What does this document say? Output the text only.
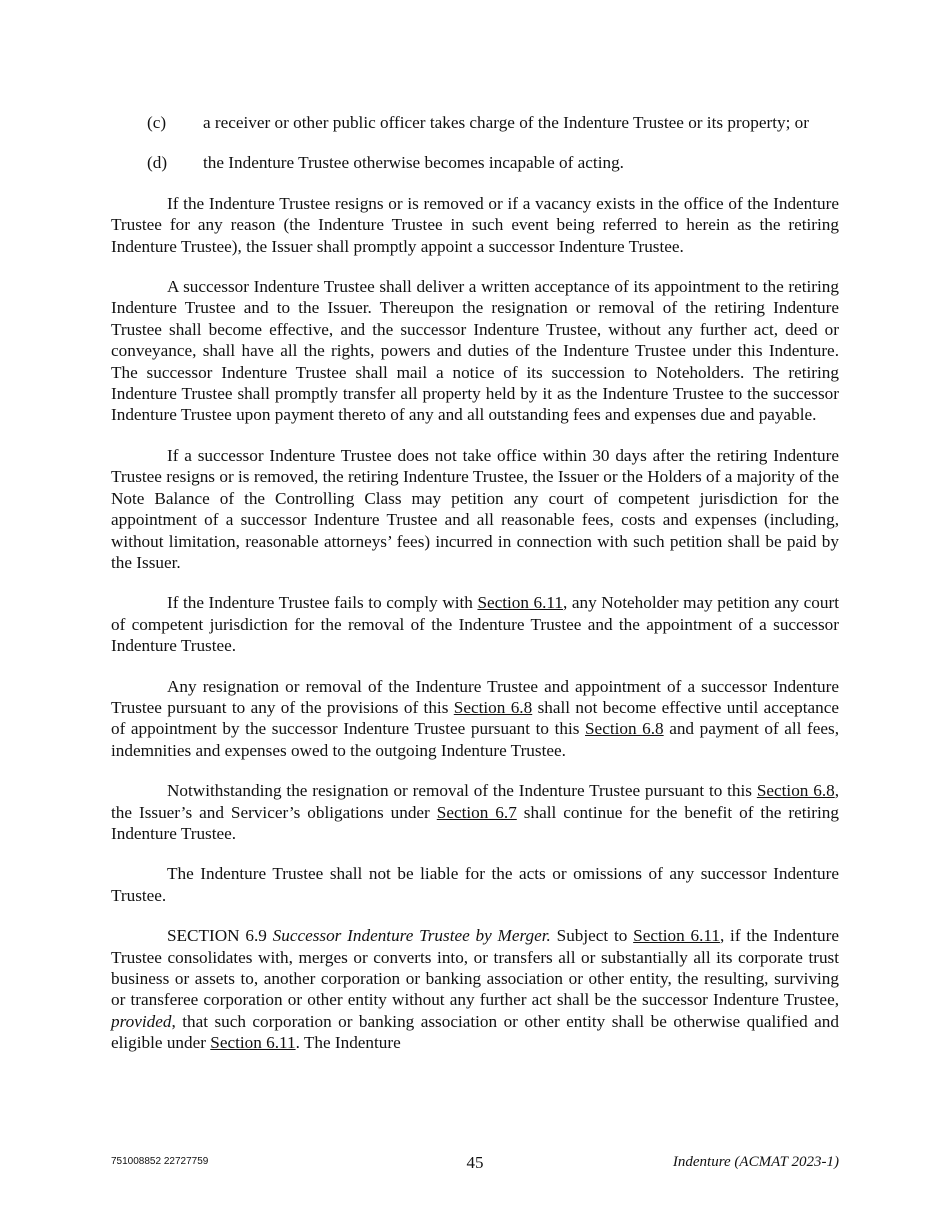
(c) a receiver or other public officer takes charge of the Indenture Trustee or its property; or

(d) the Indenture Trustee otherwise becomes incapable of acting.

If the Indenture Trustee resigns or is removed or if a vacancy exists in the office of the Indenture Trustee for any reason (the Indenture Trustee in such event being referred to herein as the retiring Indenture Trustee), the Issuer shall promptly appoint a successor Indenture Trustee.

A successor Indenture Trustee shall deliver a written acceptance of its appointment to the retiring Indenture Trustee and to the Issuer. Thereupon the resignation or removal of the retiring Indenture Trustee shall become effective, and the successor Indenture Trustee, without any further act, deed or conveyance, shall have all the rights, powers and duties of the Indenture Trustee under this Indenture. The successor Indenture Trustee shall mail a notice of its succession to Noteholders. The retiring Indenture Trustee shall promptly transfer all property held by it as the Indenture Trustee to the successor Indenture Trustee upon payment thereto of any and all outstanding fees and expenses due and payable.

If a successor Indenture Trustee does not take office within 30 days after the retiring Indenture Trustee resigns or is removed, the retiring Indenture Trustee, the Issuer or the Holders of a majority of the Note Balance of the Controlling Class may petition any court of competent jurisdiction for the appointment of a successor Indenture Trustee and all reasonable fees, costs and expenses (including, without limitation, reasonable attorneys’ fees) incurred in connection with such petition shall be paid by the Issuer.

If the Indenture Trustee fails to comply with Section 6.11, any Noteholder may petition any court of competent jurisdiction for the removal of the Indenture Trustee and the appointment of a successor Indenture Trustee.

Any resignation or removal of the Indenture Trustee and appointment of a successor Indenture Trustee pursuant to any of the provisions of this Section 6.8 shall not become effective until acceptance of appointment by the successor Indenture Trustee pursuant to this Section 6.8 and payment of all fees, indemnities and expenses owed to the outgoing Indenture Trustee.

Notwithstanding the resignation or removal of the Indenture Trustee pursuant to this Section 6.8, the Issuer’s and Servicer’s obligations under Section 6.7 shall continue for the benefit of the retiring Indenture Trustee.

The Indenture Trustee shall not be liable for the acts or omissions of any successor Indenture Trustee.

SECTION 6.9 Successor Indenture Trustee by Merger. Subject to Section 6.11, if the Indenture Trustee consolidates with, merges or converts into, or transfers all or substantially all its corporate trust business or assets to, another corporation or banking association or other entity, the resulting, surviving or transferee corporation or other entity without any further act shall be the successor Indenture Trustee, provided, that such corporation or banking association or other entity shall be otherwise qualified and eligible under Section 6.11. The Indenture

751008852 22727759	45	Indenture (ACMAT 2023-1)
